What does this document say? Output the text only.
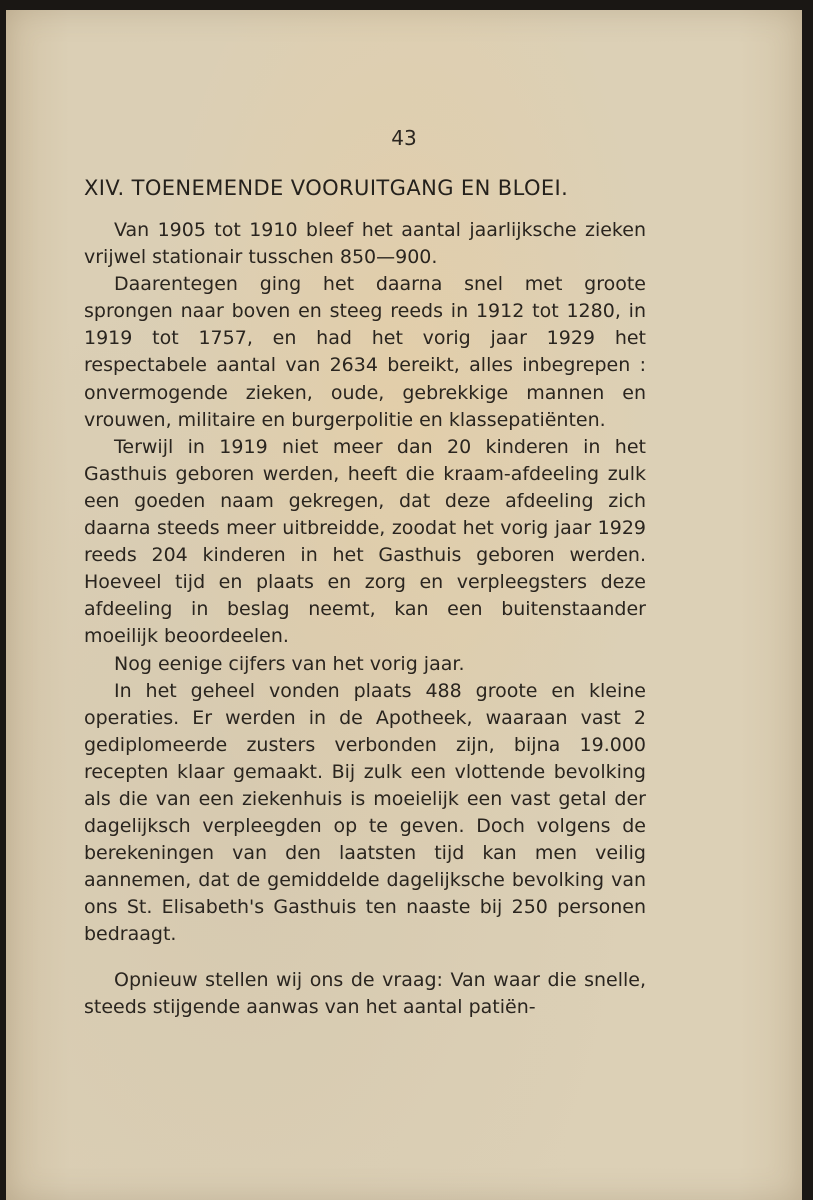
43
XIV. TOENEMENDE VOORUITGANG EN BLOEI.

Van 1905 tot 1910 bleef het aantal jaarlijksche zieken vrijwel stationair tusschen 850—900.

Daarentegen ging het daarna snel met groote sprongen naar boven en steeg reeds in 1912 tot 1280, in 1919 tot 1757, en had het vorig jaar 1929 het respectabele aantal van 2634 bereikt, alles inbegrepen : onvermogende zieken, oude, gebrekkige mannen en vrouwen, militaire en burgerpolitie en klassepatiënten.

Terwijl in 1919 niet meer dan 20 kinderen in het Gasthuis geboren werden, heeft die kraam-afdeeling zulk een goeden naam gekregen, dat deze afdeeling zich daarna steeds meer uitbreidde, zoodat het vorig jaar 1929 reeds 204 kinderen in het Gasthuis geboren werden. Hoeveel tijd en plaats en zorg en verpleegsters deze afdeeling in beslag neemt, kan een buitenstaander moeilijk beoordeelen.

Nog eenige cijfers van het vorig jaar.

In het geheel vonden plaats 488 groote en kleine operaties. Er werden in de Apotheek, waaraan vast 2 gediplomeerde zusters verbonden zijn, bijna 19.000 recepten klaar gemaakt. Bij zulk een vlottende bevolking als die van een ziekenhuis is moeielijk een vast getal der dagelijksch verpleegden op te geven. Doch volgens de berekeningen van den laatsten tijd kan men veilig aannemen, dat de gemiddelde dagelijksche bevolking van ons St. Elisabeth's Gasthuis ten naaste bij 250 personen bedraagt.

Opnieuw stellen wij ons de vraag: Van waar die snelle, steeds stijgende aanwas van het aantal patiën-
